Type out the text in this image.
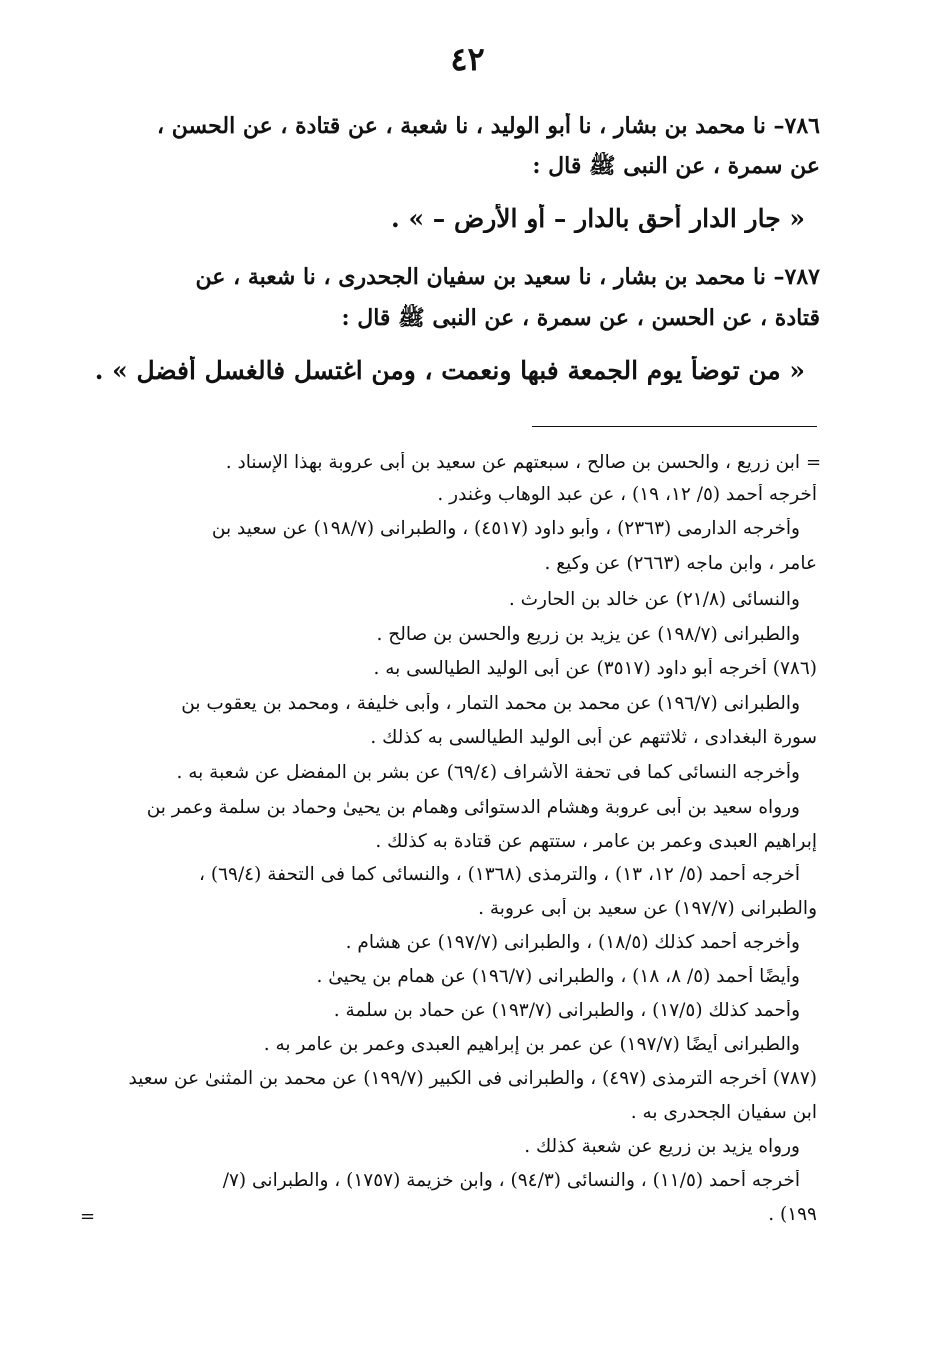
٤٢
٧٨٦– نا محمد بن بشار ، نا أبو الوليد ، نا شعبة ، عن قتادة ، عن الحسن ،
عن سمرة ، عن النبى ﷺ قال :
« جار الدار أحق بالدار – أو الأرض – » .
٧٨٧– نا محمد بن بشار ، نا سعيد بن سفيان الجحدرى ، نا شعبة ، عن
قتادة ، عن الحسن ، عن سمرة ، عن النبى ﷺ قال :
« من توضأ يوم الجمعة فبها ونعمت ، ومن اغتسل فالغسل أفضل » .
=
ابن زريع ، والحسن بن صالح ، سبعتهم عن سعيد بن أبى عروبة بهذا الإسناد .
أخرجه أحمد (٥/ ١٢، ١٩) ، عن عبد الوهاب وغندر .
وأخرجه الدارمى (٢٣٦٣) ، وأبو داود (٤٥١٧) ، والطبرانى (١٩٨/٧) عن سعيد بن
عامر ، وابن ماجه (٢٦٦٣) عن وكيع .
والنسائى (٢١/٨) عن خالد بن الحارث .
والطبرانى (١٩٨/٧) عن يزيد بن زريع والحسن بن صالح .
(٧٨٦) أخرجه أبو داود (٣٥١٧) عن أبى الوليد الطيالسى به .
والطبرانى (١٩٦/٧) عن محمد بن محمد التمار ، وأبى خليفة ، ومحمد بن يعقوب بن
سورة البغدادى ، ثلاثتهم عن أبى الوليد الطيالسى به كذلك .
وأخرجه النسائى كما فى تحفة الأشراف (٦٩/٤) عن بشر بن المفضل عن شعبة به .
ورواه سعيد بن أبى عروبة وهشام الدستوائى وهمام بن يحيىٰ وحماد بن سلمة وعمر بن
إبراهيم العبدى وعمر بن عامر ، ستتهم عن قتادة به كذلك .
أخرجه أحمد (٥/ ١٢، ١٣) ، والترمذى (١٣٦٨) ، والنسائى كما فى التحفة (٦٩/٤) ،
والطبرانى (١٩٧/٧) عن سعيد بن أبى عروبة .
وأخرجه أحمد كذلك (١٨/٥) ، والطبرانى (١٩٧/٧) عن هشام .
وأيضًا أحمد (٥/ ٨، ١٨) ، والطبرانى (١٩٦/٧) عن همام بن يحيىٰ .
وأحمد كذلك (١٧/٥) ، والطبرانى (١٩٣/٧) عن حماد بن سلمة .
والطبرانى أيضًا (١٩٧/٧) عن عمر بن إبراهيم العبدى وعمر بن عامر به .
(٧٨٧) أخرجه الترمذى (٤٩٧) ، والطبرانى فى الكبير (١٩٩/٧) عن محمد بن المثنىٰ عن سعيد
ابن سفيان الجحدرى به .
ورواه يزيد بن زريع عن شعبة كذلك .
أخرجه أحمد (١١/٥) ، والنسائى (٩٤/٣) ، وابن خزيمة (١٧٥٧) ، والطبرانى (٧/
١٩٩) .
=
